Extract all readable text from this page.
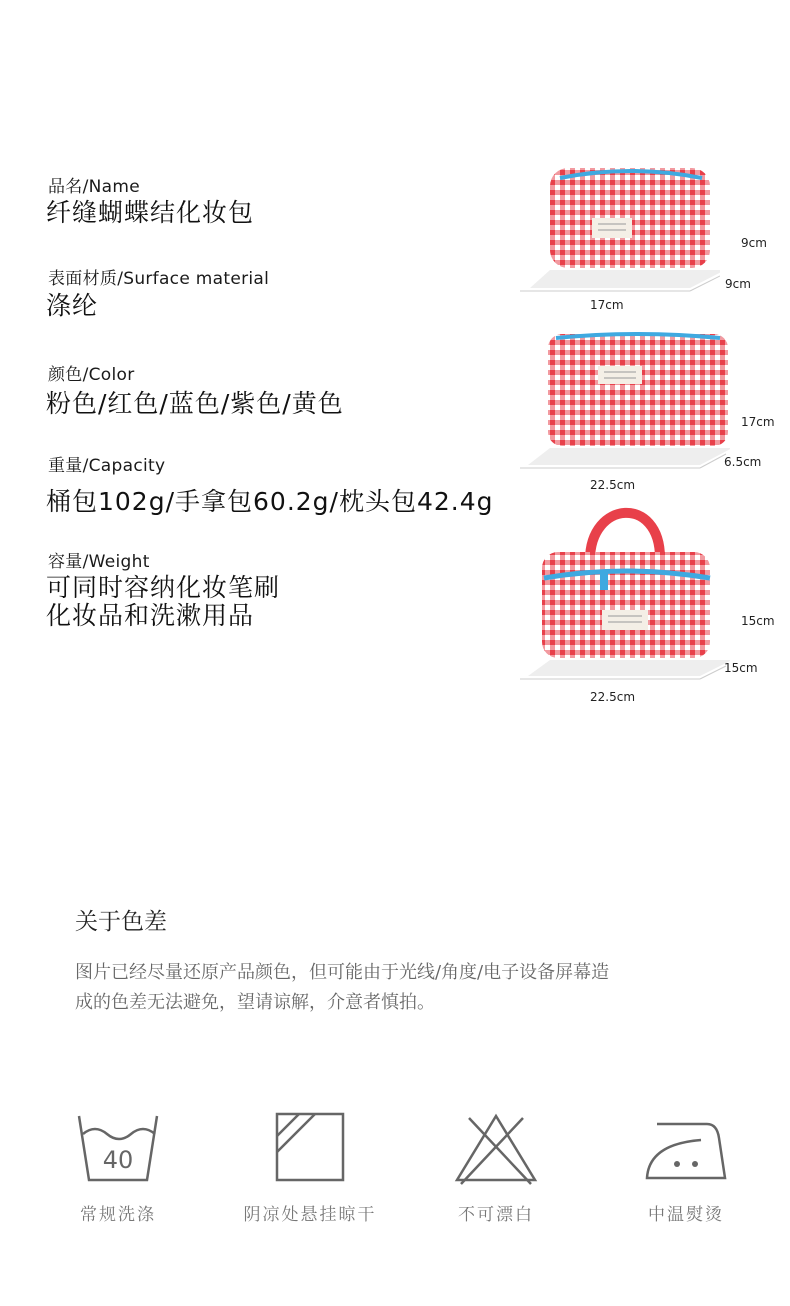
品名/Name
纤缝蝴蝶结化妆包
表面材质/Surface material
涤纶
颜色/Color
粉色/红色/蓝色/紫色/黄色
重量/Capacity
桶包102g/手拿包60.2g/枕头包42.4g
容量/Weight
可同时容纳化妆笔刷
化妆品和洗漱用品
9cm
9cm
17cm
17cm
6.5cm
22.5cm
15cm
15cm
22.5cm
关于色差
图片已经尽量还原产品颜色，但可能由于光线/角度/电子设备屏幕造
成的色差无法避免，望请谅解，介意者慎拍。
40
常规洗涤	阴凉处悬挂晾干	不可漂白	中温熨烫
